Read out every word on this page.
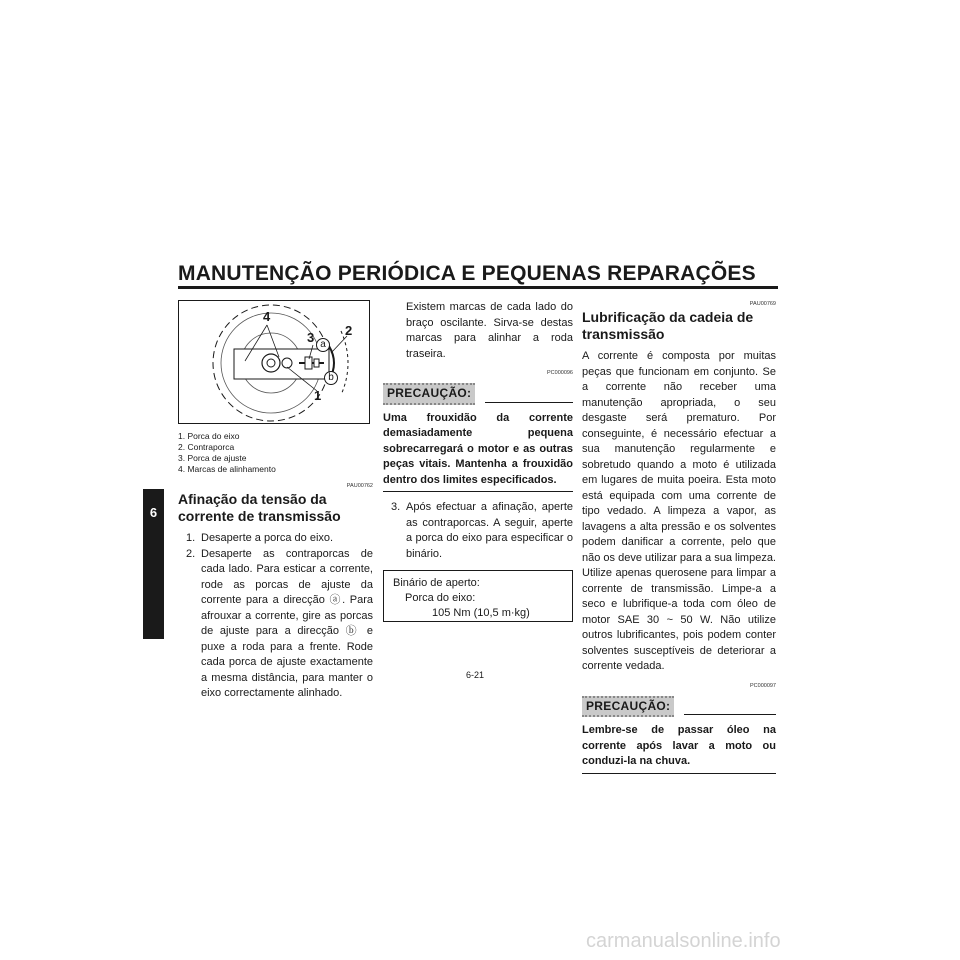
MANUTENÇÃO PERIÓDICA E PEQUENAS REPARAÇÕES
6
4
3 2
1
a
b
1. Porca do eixo
2. Contraporca
3. Porca de ajuste
4. Marcas de alinhamento
PAU00762
Afinação da tensão da corrente de transmissão
1. Desaperte a porca do eixo.
2. Desaperte as contraporcas de cada lado. Para esticar a corrente, rode as porcas de ajuste da corrente para a direcção ⓐ. Para afrouxar a corrente, gire as porcas de ajuste para a direcção ⓑ e puxe a roda para a frente. Rode cada porca de ajuste exactamente a mesma distância, para manter o eixo correctamente alinhado.
Existem marcas de cada lado do braço oscilante. Sirva-se destas marcas para alinhar a roda traseira.
PC000096
PRECAUÇÃO:
Uma frouxidão da corrente demasiadamente pequena sobrecarregará o motor e as outras peças vitais. Mantenha a frouxidão dentro dos limites especificados.
3. Após efectuar a afinação, aperte as contraporcas. A seguir, aperte a porca do eixo para especificar o binário.
Binário de aperto:
Porca do eixo:
105 Nm (10,5 m·kg)
PAU00769
Lubrificação da cadeia de transmissão
A corrente é composta por muitas peças que funcionam em conjunto. Se a corrente não receber uma manutenção apropriada, o seu desgaste será prematuro. Por conseguinte, é necessário efectuar a sua manutenção regularmente e sobretudo quando a moto é utilizada em lugares de muita poeira. Esta moto está equipada com uma corrente de tipo vedado. A limpeza a vapor, as lavagens a alta pressão e os solventes podem danificar a corrente, pelo que não os deve utilizar para a sua limpeza. Utilize apenas querosene para limpar a corrente de transmissão. Limpe-a a seco e lubrifique-a toda com óleo de motor SAE 30 ~ 50 W. Não utilize outros lubrificantes, pois podem conter solventes susceptíveis de deteriorar a corrente vedada.
PC000097
PRECAUÇÃO:
Lembre-se de passar óleo na corrente após lavar a moto ou conduzi-la na chuva.
6-21
carmanualsonline.info
